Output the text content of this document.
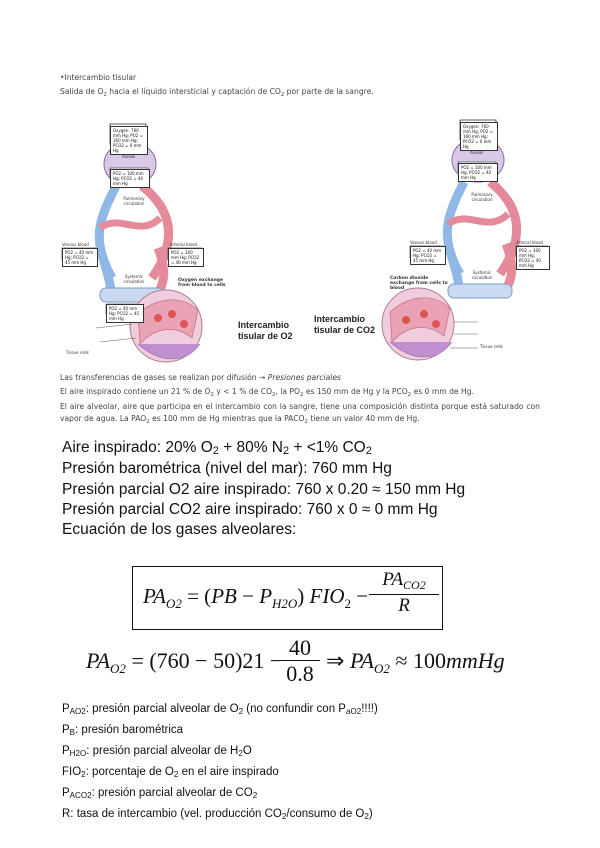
•Intercambio tisular
Salida de $O_2$ hacia el líquido intersticial y captación de $CO_2$ por parte de la sangre.
Oxygen: 760 mm Hg; PO2 = 160 mm Hg; PCO2 = 0 mm Hg
PO2 = 100 mm Hg; PCO2 = 40 mm Hg
Alveoli
Pulmonary circulation
PO2 = 40 mm Hg; PCO2 = 45 mm Hg
PO2 = 100 mm Hg; PCO2 = 40 mm Hg
Venous blood	Arterial blood
Systemic circulation
PO2 = 40 mm Hg; PCO2 = 45 mm Hg
Oxygen exchange from blood to cells
Tissue cells
Intercambio tisular de O2
Oxygen: 760 mm Hg; PO2 = 160 mm Hg; PCO2 = 0 mm Hg
PO2 = 100 mm Hg; PCO2 = 40 mm Hg
Alveoli
Pulmonary circulation
PO2 = 40 mm Hg; PCO2 = 45 mm Hg
PO2 = 100 mm Hg; PCO2 = 40 mm Hg
Venous blood	Arterial blood
Systemic circulation
Carbon dioxide exchange from cells to blood
Tissue cells
Intercambio tisular de CO2
Las transferencias de gases se realizan por difusión → Presiones parciales
El aire inspirado contiene un 21 % de $O_2$ y < 1 % de $CO_2$, la $PO_2$ es 150 mm de Hg y la $PCO_2$ es 0 mm de Hg.
El aire alveolar, aire que participa en el intercambio con la sangre, tiene una composición distinta porque está saturado con vapor de agua. La $PAO_2$ es 100 mm de Hg mientras que la $PACO_2$ tiene un valor 40 mm de Hg.
Aire inspirado: 20% O2 + 80% N2 + <1% CO2
Presión barométrica (nivel del mar): 760 mm Hg
Presión parcial O2 aire inspirado: 760 x 0.20 ≈ 150 mm Hg
Presión parcial CO2 aire inspirado: 760 x 0 ≈ 0 mm Hg
Ecuación de los gases alveolares:
$PA_{O2} = (PB - P_{H2O}) FIO_2$ −
$PA_{CO2}$
R
$PA_{O2} = (760 - 50)21$ −
40
0.8
⇒ $PA_{O2}$ ≈ 100mmHg
PAO2: presión parcial alveolar de O2 (no confundir con PaO2!!!!)
PB: presión barométrica
PH2O: presión parcial alveolar de H2O
FIO2: porcentaje de O2 en el aire inspirado
PACO2: presión parcial alveolar de CO2
R: tasa de intercambio (vel. producción CO2/consumo de O2)
